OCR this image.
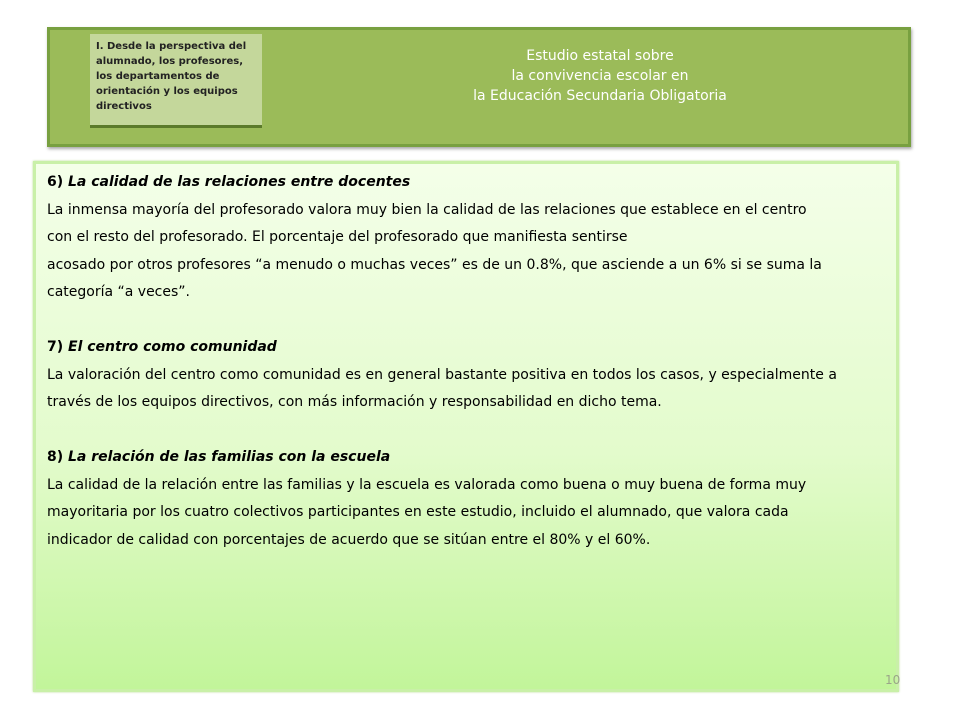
I. Desde la perspectiva del alumnado, los profesores, los departamentos de orientación y los equipos directivos
Estudio estatal sobre
la convivencia escolar en
la Educación Secundaria Obligatoria
6) La calidad de las relaciones entre docentes
La inmensa mayoría del profesorado valora muy bien la calidad de las relaciones que establece en el centro
con el resto del profesorado. El porcentaje del profesorado que manifiesta sentirse
acosado por otros profesores “a menudo o muchas veces” es de un 0.8%, que asciende a un 6% si se suma la
categoría “a veces”.
7) El centro como comunidad
La valoración del centro como comunidad es en general bastante positiva en todos los casos, y especialmente a
través de los equipos directivos, con más información y responsabilidad en dicho tema.
8) La relación de las familias con la escuela
La calidad de la relación entre las familias y la escuela es valorada como buena o muy buena de forma muy
mayoritaria por los cuatro colectivos participantes en este estudio, incluido el alumnado, que valora cada
indicador de calidad con porcentajes de acuerdo que se sitúan entre el 80% y el 60%.
10
